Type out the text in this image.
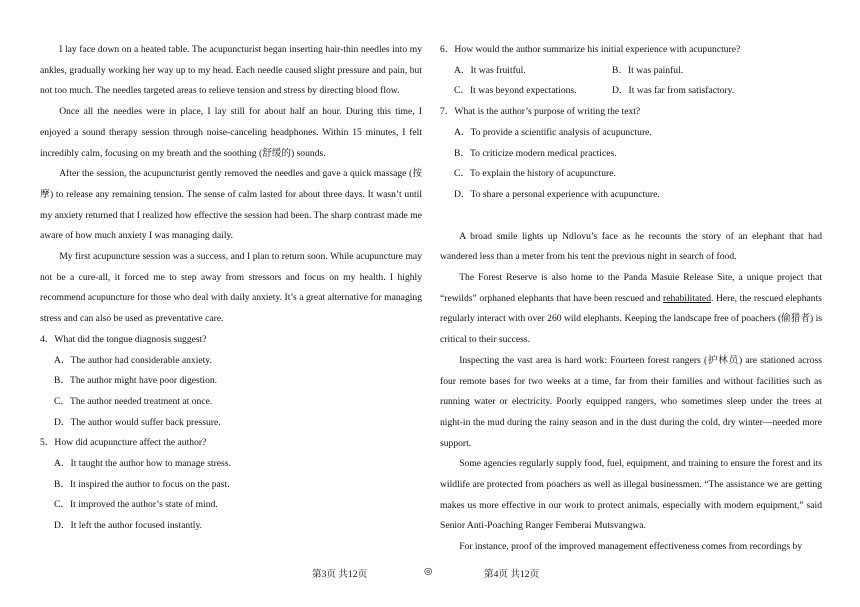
I lay face down on a heated table. The acupuncturist began inserting hair-thin needles into my ankles, gradually working her way up to my head. Each needle caused slight pressure and pain, but not too much. The needles targeted areas to relieve tension and stress by directing blood flow.

Once all the needles were in place, I lay still for about half an hour. During this time, I enjoyed a sound therapy session through noise-canceling headphones. Within 15 minutes, I felt incredibly calm, focusing on my breath and the soothing (舒缓的) sounds.

After the session, the acupuncturist gently removed the needles and gave a quick massage (按摩) to release any remaining tension. The sense of calm lasted for about three days. It wasn’t until my anxiety returned that I realized how effective the session had been. The sharp contrast made me aware of how much anxiety I was managing daily.

My first acupuncture session was a success, and I plan to return soon. While acupuncture may not be a cure-all, it forced me to step away from stressors and focus on my health. I highly recommend acupuncture for those who deal with daily anxiety. It’s a great alternative for managing stress and can also be used as preventative care.

4．What did the tongue diagnosis suggest?

A．The author had considerable anxiety.

B．The author might have poor digestion.

C．The author needed treatment at once.

D．The author would suffer back pressure.

5．How did acupuncture affect the author?

A．It taught the author how to manage stress.

B．It inspired the author to focus on the past.

C．It improved the author’s state of mind.

D．It left the author focused instantly.

6．How would the author summarize his initial experience with acupuncture?

A．It was fruitful.	B．It was painful.
C．It was beyond expectations.	D．It was far from satisfactory.

7．What is the author’s purpose of writing the text?

A．To provide a scientific analysis of acupuncture.

B．To criticize modern medical practices.

C．To explain the history of acupuncture.

D．To share a personal experience with acupuncture.

A broad smile lights up Ndlovu’s face as he recounts the story of an elephant that had wandered less than a meter from his tent the previous night in search of food.

The Forest Reserve is also home to the Panda Masuie Release Site, a unique project that “rewilds” orphaned elephants that have been rescued and rehabilitated. Here, the rescued elephants regularly interact with over 260 wild elephants. Keeping the landscape free of poachers (偷猎者) is critical to their success.

Inspecting the vast area is hard work: Fourteen forest rangers (护林员) are stationed across four remote bases for two weeks at a time, far from their families and without facilities such as running water or electricity. Poorly equipped rangers, who sometimes sleep under the trees at night-in the mud during the rainy season and in the dust during the cold, dry winter—needed more support.

Some agencies regularly supply food, fuel, equipment, and training to ensure the forest and its wildlife are protected from poachers as well as illegal businessmen. “The assistance we are getting makes us more effective in our work to protect animals, especially with modern equipment,” said Senior Anti-Poaching Ranger Femberai Mutsvangwa.

For instance, proof of the improved management effectiveness comes from recordings by

第3页 共12页	◎	第4页 共12页
